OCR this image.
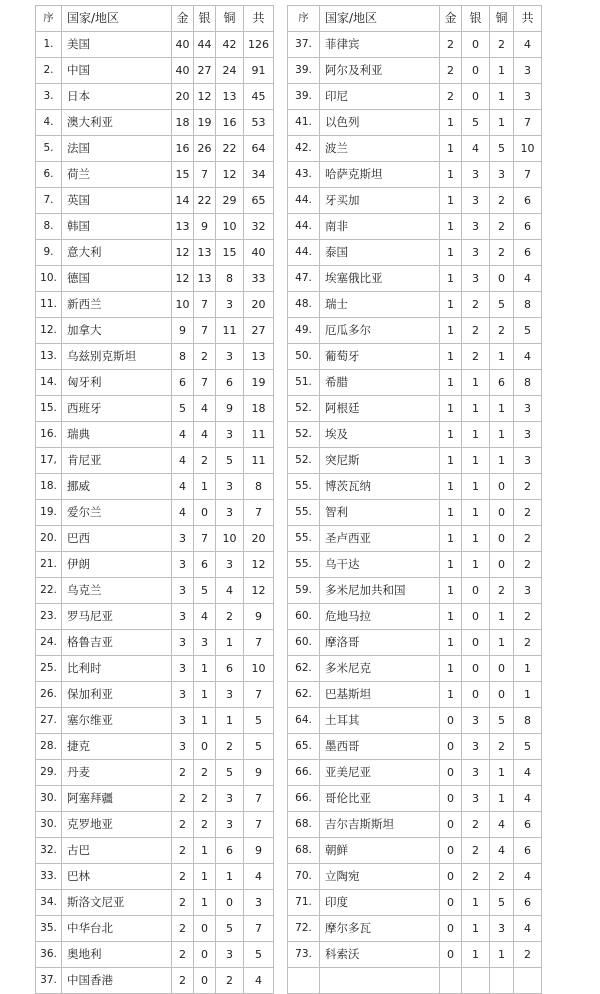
序	国家/地区	金	银	铜	共		序	国家/地区	金	银	铜	共
1.	美国	40	44	42	126		37.	菲律宾	2	0	2	4
2.	中国	40	27	24	91		39.	阿尔及利亚	2	0	1	3
3.	日本	20	12	13	45		39.	印尼	2	0	1	3
4.	澳大利亚	18	19	16	53		41.	以色列	1	5	1	7
5.	法国	16	26	22	64		42.	波兰	1	4	5	10
6.	荷兰	15	7	12	34		43.	哈萨克斯坦	1	3	3	7
7.	英国	14	22	29	65		44.	牙买加	1	3	2	6
8.	韩国	13	9	10	32		44.	南非	1	3	2	6
9.	意大利	12	13	15	40		44.	泰国	1	3	2	6
10.	德国	12	13	8	33		47.	埃塞俄比亚	1	3	0	4
11.	新西兰	10	7	3	20		48.	瑞士	1	2	5	8
12.	加拿大	9	7	11	27		49.	厄瓜多尔	1	2	2	5
13.	乌兹别克斯坦	8	2	3	13		50.	葡萄牙	1	2	1	4
14.	匈牙利	6	7	6	19		51.	希腊	1	1	6	8
15.	西班牙	5	4	9	18		52.	阿根廷	1	1	1	3
16.	瑞典	4	4	3	11		52.	埃及	1	1	1	3
17,	肯尼亚	4	2	5	11		52.	突尼斯	1	1	1	3
18.	挪威	4	1	3	8		55.	博茨瓦纳	1	1	0	2
19.	爱尔兰	4	0	3	7		55.	智利	1	1	0	2
20.	巴西	3	7	10	20		55.	圣卢西亚	1	1	0	2
21.	伊朗	3	6	3	12		55.	乌干达	1	1	0	2
22.	乌克兰	3	5	4	12		59.	多米尼加共和国	1	0	2	3
23.	罗马尼亚	3	4	2	9		60.	危地马拉	1	0	1	2
24.	格鲁吉亚	3	3	1	7		60.	摩洛哥	1	0	1	2
25.	比利时	3	1	6	10		62.	多米尼克	1	0	0	1
26.	保加利亚	3	1	3	7		62.	巴基斯坦	1	0	0	1
27.	塞尔维亚	3	1	1	5		64.	土耳其	0	3	5	8
28.	捷克	3	0	2	5		65.	墨西哥	0	3	2	5
29.	丹麦	2	2	5	9		66.	亚美尼亚	0	3	1	4
30.	阿塞拜疆	2	2	3	7		66.	哥伦比亚	0	3	1	4
30.	克罗地亚	2	2	3	7		68.	吉尔吉斯斯坦	0	2	4	6
32.	古巴	2	1	6	9		68.	朝鲜	0	2	4	6
33.	巴林	2	1	1	4		70.	立陶宛	0	2	2	4
34.	斯洛文尼亚	2	1	0	3		71.	印度	0	1	5	6
35.	中华台北	2	0	5	7		72.	摩尔多瓦	0	1	3	4
36.	奥地利	2	0	3	5		73.	科索沃	0	1	1	2
37.	中国香港	2	0	2	4							
